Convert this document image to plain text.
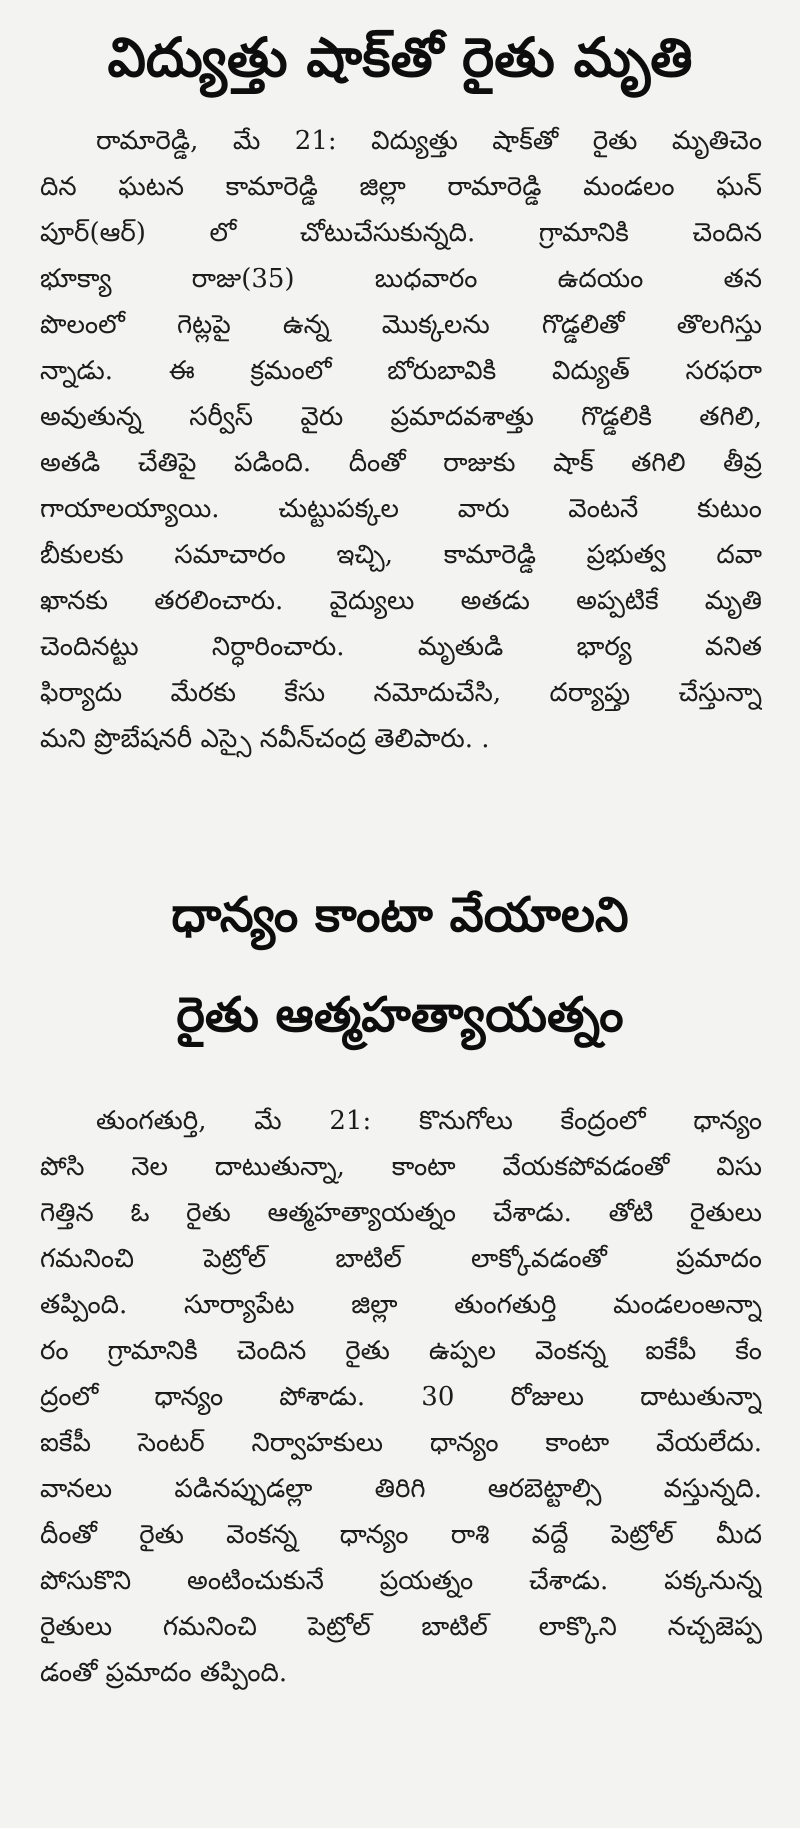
విద్యుత్తు షాక్‌తో రైతు మృతి
రామారెడ్డి, మే 21: విద్యుత్తు షాక్‌తో రైతు మృతిచెం
దిన ఘటన కామారెడ్డి జిల్లా రామారెడ్డి మండలం ఘన్
పూర్(ఆర్) లో చోటుచేసుకున్నది. గ్రామానికి చెందిన
భూక్యా రాజు(35) బుధవారం ఉదయం తన
పొలంలో గెట్లపై ఉన్న మొక్కలను గొడ్డలితో తొలగిస్తు
న్నాడు. ఈ క్రమంలో బోరుబావికి విద్యుత్ సరఫరా
అవుతున్న సర్వీస్ వైరు ప్రమాదవశాత్తు గొడ్డలికి తగిలి,
అతడి చేతిపై పడింది. దీంతో రాజుకు షాక్ తగిలి తీవ్ర
గాయాలయ్యాయి. చుట్టుపక్కల వారు వెంటనే కుటుం
బీకులకు సమాచారం ఇచ్చి, కామారెడ్డి ప్రభుత్వ దవా
ఖానకు తరలించారు. వైద్యులు అతడు అప్పటికే మృతి
చెందినట్టు నిర్ధారించారు. మృతుడి భార్య వనిత
ఫిర్యాదు మేరకు కేసు నమోదుచేసి, దర్యాప్తు చేస్తున్నా
మని ప్రొబేషనరీ ఎస్సై నవీన్‌చంద్ర తెలిపారు. .
ధాన్యం కాంటా వేయాలని
రైతు ఆత్మహత్యాయత్నం
తుంగతుర్తి, మే 21: కొనుగోలు కేంద్రంలో ధాన్యం
పోసి నెల దాటుతున్నా, కాంటా వేయకపోవడంతో విసు
గెత్తిన ఓ రైతు ఆత్మహత్యాయత్నం చేశాడు. తోటి రైతులు
గమనించి పెట్రోల్ బాటిల్ లాక్కోవడంతో ప్రమాదం
తప్పింది. సూర్యాపేట జిల్లా తుంగతుర్తి మండలంఅన్నా
రం గ్రామానికి చెందిన రైతు ఉప్పల వెంకన్న ఐకేపీ కేం
ద్రంలో ధాన్యం పోశాడు. 30 రోజులు దాటుతున్నా
ఐకేపీ సెంటర్ నిర్వాహకులు ధాన్యం కాంటా వేయలేదు.
వానలు పడినప్పుడల్లా తిరిగి ఆరబెట్టాల్సి వస్తున్నది.
దీంతో రైతు వెంకన్న ధాన్యం రాశి వద్దే పెట్రోల్ మీద
పోసుకొని అంటించుకునే ప్రయత్నం చేశాడు. పక్కనున్న
రైతులు గమనించి పెట్రోల్ బాటిల్ లాక్కొని నచ్చజెప్ప
డంతో ప్రమాదం తప్పింది.
